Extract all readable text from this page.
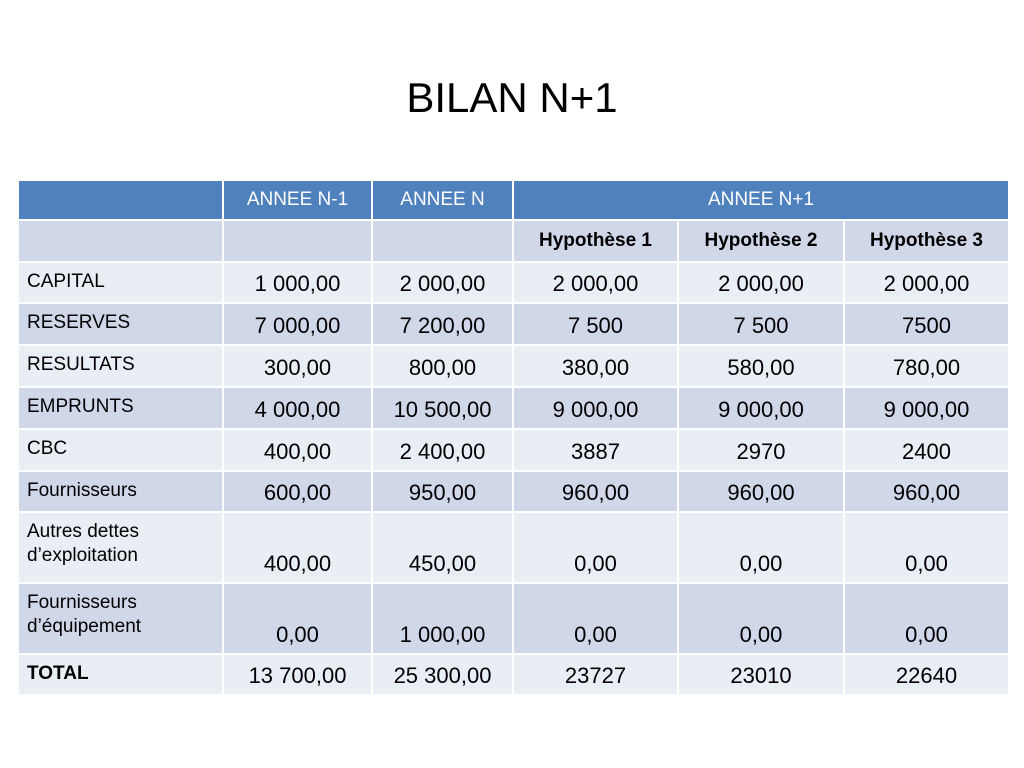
BILAN N+1
	ANNEE N-1	ANNEE N	ANNEE N+1		
			Hypothèse 1	Hypothèse 2	Hypothèse 3
CAPITAL	1 000,00	2 000,00	2 000,00	2 000,00	2 000,00
RESERVES	7 000,00	7 200,00	7 500	7 500	7500
RESULTATS	300,00	800,00	380,00	580,00	780,00
EMPRUNTS	4 000,00	10 500,00	9 000,00	9 000,00	9 000,00
CBC	400,00	2 400,00	3887	2970	2400
Fournisseurs	600,00	950,00	960,00	960,00	960,00

Autres dettes
d’exploitation	400,00	450,00	0,00	0,00	0,00

Fournisseurs
d’équipement	0,00	1 000,00	0,00	0,00	0,00
TOTAL	13 700,00	25 300,00	23727	23010	22640
